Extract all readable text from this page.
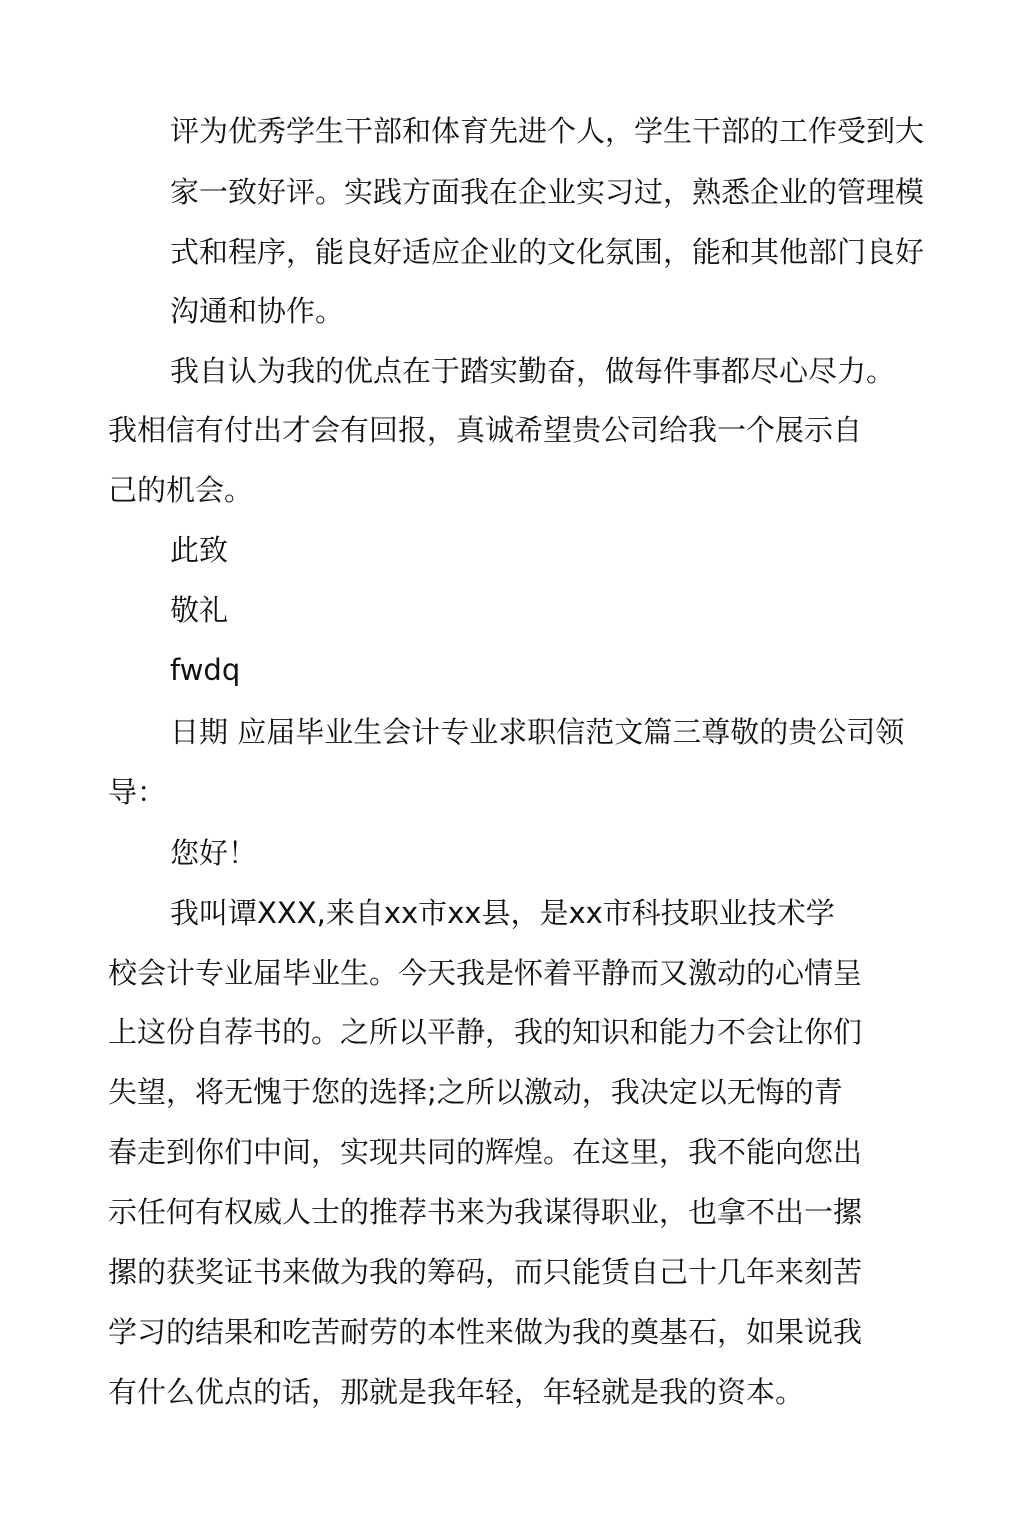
评为优秀学生干部和体育先进个人，学生干部的工作受到大
家一致好评。实践方面我在企业实习过，熟悉企业的管理模
式和程序，能良好适应企业的文化氛围，能和其他部门良好
沟通和协作。
我自认为我的优点在于踏实勤奋，做每件事都尽心尽力。
我相信有付出才会有回报，真诚希望贵公司给我一个展示自
己的机会。
此致
敬礼
fwdq
日期 应届毕业生会计专业求职信范文篇三尊敬的贵公司领
导：
您好！
我叫谭XXX,来自xx市xx县，是xx市科技职业技术学
校会计专业届毕业生。今天我是怀着平静而又激动的心情呈
上这份自荐书的。之所以平静，我的知识和能力不会让你们
失望，将无愧于您的选择;之所以激动，我决定以无悔的青
春走到你们中间，实现共同的辉煌。在这里，我不能向您出
示任何有权威人士的推荐书来为我谋得职业，也拿不出一摞
摞的获奖证书来做为我的筹码，而只能赁自己十几年来刻苦
学习的结果和吃苦耐劳的本性来做为我的奠基石，如果说我
有什么优点的话，那就是我年轻，年轻就是我的资本。
